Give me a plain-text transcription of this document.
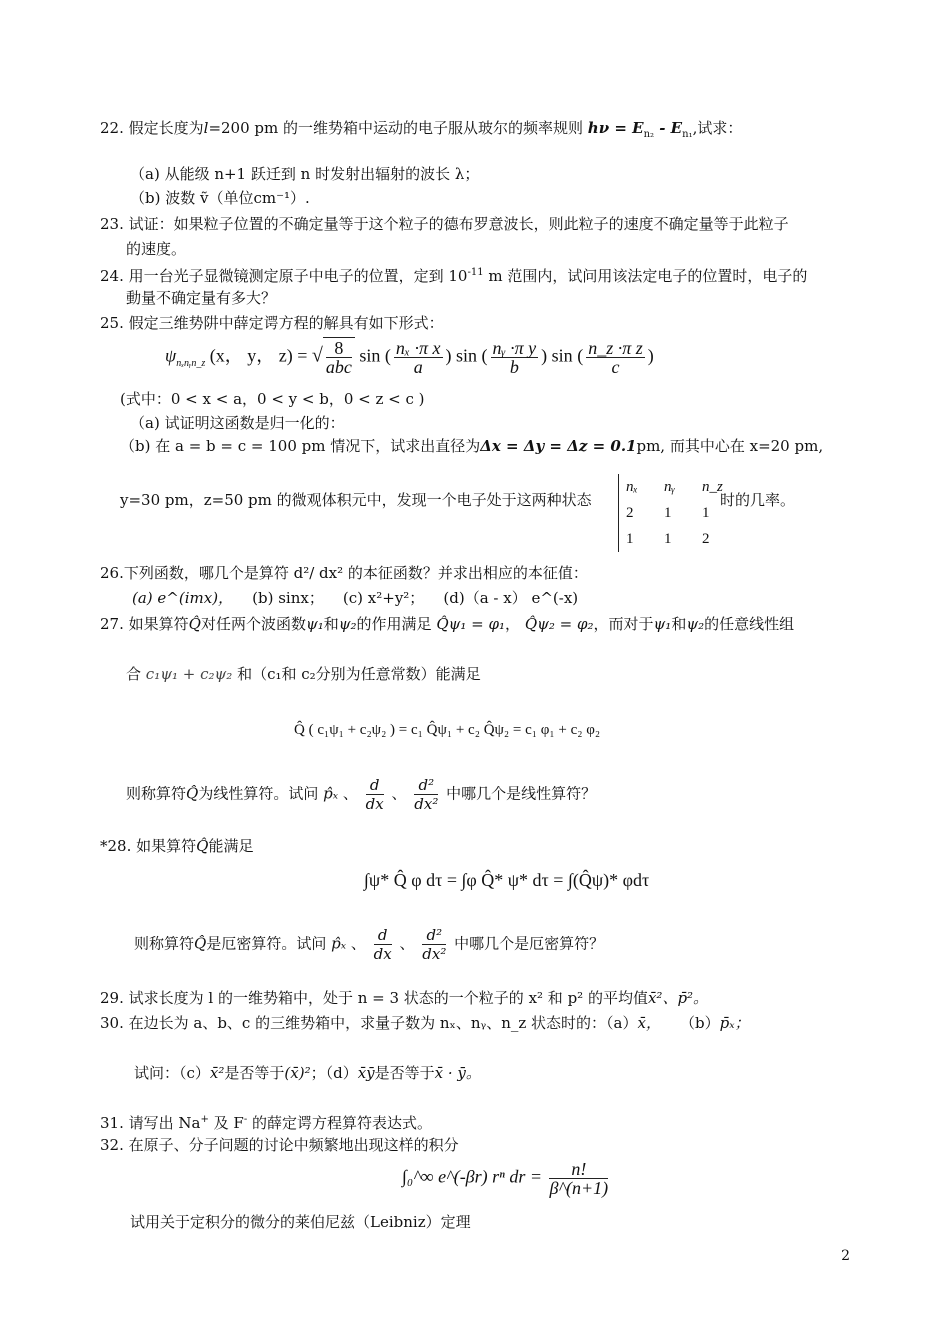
22. 假定长度为l=200 pm 的一维势箱中运动的电子服从玻尔的频率规则 $h\nu = E_{n_2} - E_{n_1}$,试求：
（a) 从能级 n+1 跃迁到 n 时发射出辐射的波长 λ；
（b) 波数 ṽ（单位cm⁻¹）.
23. 试证：如果粒子位置的不确定量等于这个粒子的德布罗意波长，则此粒子的速度不确定量等于此粒子
的速度。
24. 用一台光子显微镜测定原子中电子的位置，定到 $10^{-11}$ m 范围内，试问用该法定电子的位置时，电子的
動量不确定量有多大？
25. 假定三维势阱中薛定谔方程的解具有如下形式：
$\psi_{n_xnᵧn\_z}$ (x， y， z) = √ $\frac{8}{\text{abc}}$ sin ( $\frac{\text{nₓ ·π x}}{a}$ ) sin ( $\frac{\text{nᵧ ·π y}}{b}$ ) sin ( $\frac{\text{n\_z ·π z}}{c}$ )
(式中：0 < x < a，0 < y < b，0 < z < c )
（a) 试证明这函数是归一化的：
（b) 在 a = b = c = 100 pm 情况下，试求出直径为Δx = Δy = Δz = 0.1pm, 而其中心在 x=20 pm,
y=30 pm，z=50 pm 的微观体积元中，发现一个电子处于这两种状态
nₓ	nᵧ	n_z
2	1	1
1	1	2
时的几率。
26.下列函数，哪几个是算符 d²/ dx² 的本征函数？并求出相应的本征值：
(a) e^(imx)， (b) sinx； (c) x²+y²； (d)（a - x） e^(-x)
27. 如果算符Q̂对任两个波函数ψ₁和ψ₂的作用满足 Q̂ψ₁ = φ₁， Q̂ψ₂ = φ₂，而对于ψ₁和ψ₂的任意线性组
合 c₁ψ₁ + c₂ψ₂ 和（c₁和 c₂分别为任意常数）能满足
Q̂ ( c₁ψ₁ + c₂ψ₂ ) = c₁ Q̂ψ₁ + c₂ Q̂ψ₂ = c₁ φ₁ + c₂ φ₂
则称算符Q̂为线性算符。试问 p̂ₓ 、 $\frac{d}{dx}$ 、 $\frac{\text{d²}}{\text{dx²}}$ 中哪几个是线性算符？
*28. 如果算符Q̂能满足
∫ψ* Q̂ φ dτ = ∫φ Q̂* ψ* dτ = ∫(Q̂ψ)* φdτ
则称算符Q̂是厄密算符。试问 p̂ₓ 、 $\frac{d}{dx}$ 、 $\frac{\text{d²}}{\text{dx²}}$ 中哪几个是厄密算符？
29. 试求长度为 l 的一维势箱中，处于 n = 3 状态的一个粒子的 x² 和 p² 的平均值x̄²、p̄²。
30. 在边长为 a、b、c 的三维势箱中，求量子数为 nₓ、nᵧ、n_z 状态时的：（a）x̄， （b）p̄ₓ；
试问：（c）x̄²是否等于(x̄)²；（d）x̄ȳ是否等于x̄ · ȳ。
31. 请写出 Na+ 及 F- 的薛定谔方程算符表达式。
32. 在原子、分子问题的讨论中频繁地出现这样的积分
∫₀^∞ e^(-βr) rⁿ dr = $\frac{n!}{\beta\^{}(n+1)}$
试用关于定积分的微分的莱伯尼兹（Leibniz）定理
2
